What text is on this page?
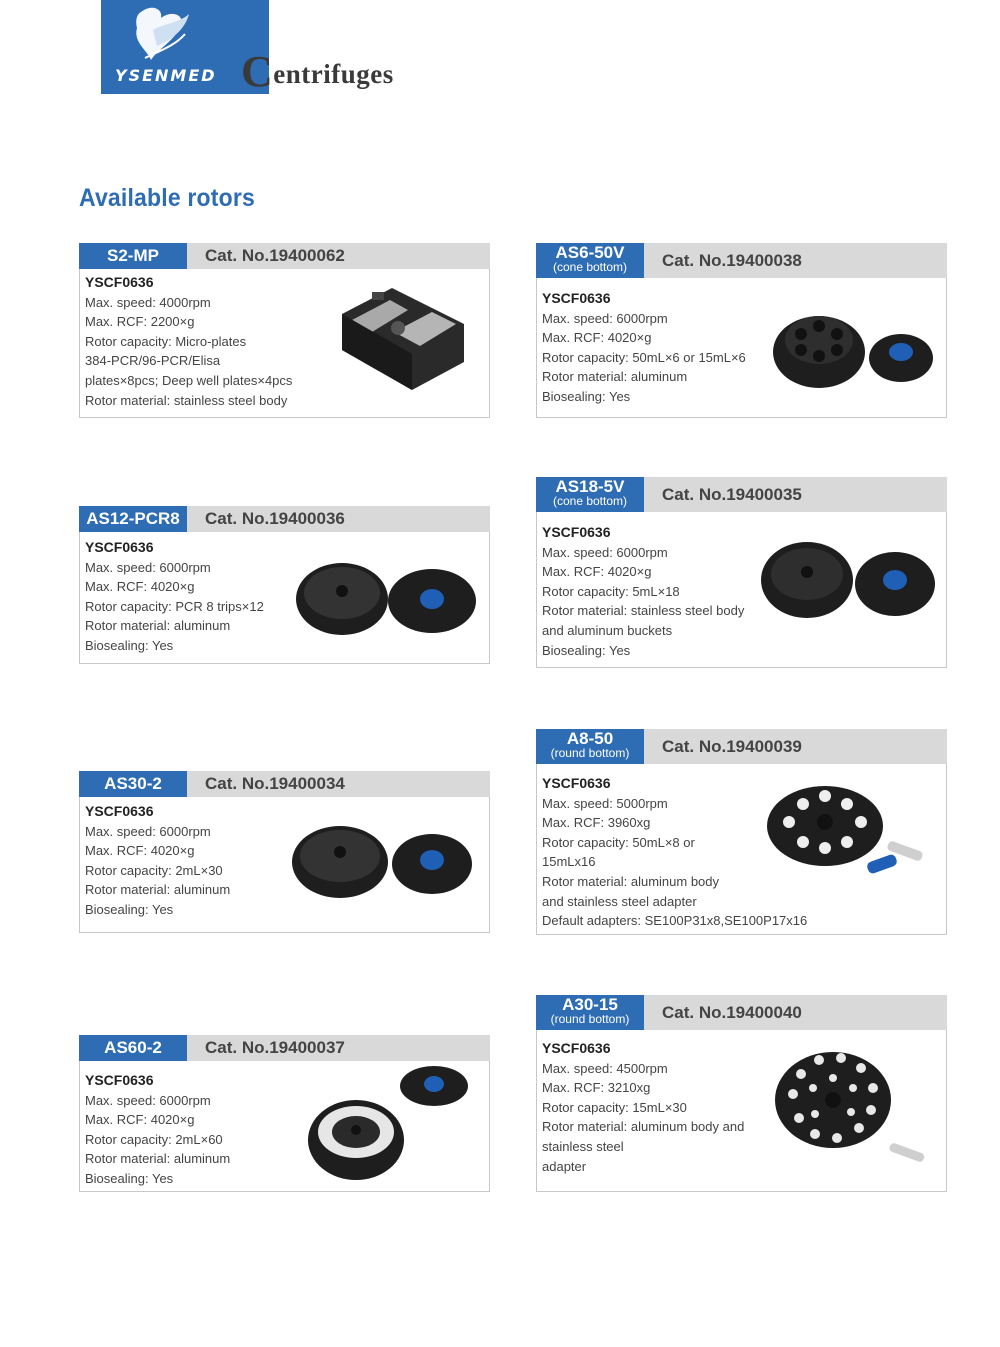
YSENMED Centrifuges
Available rotors
S2-MP	Cat. No.19400062
YSCF0636
Max. speed: 4000rpm
Max. RCF: 2200×g
Rotor capacity: Micro-plates
384-PCR/96-PCR/Elisa
plates×8pcs; Deep well plates×4pcs
Rotor material: stainless steel body
AS6-50V
(cone bottom)	Cat. No.19400038
YSCF0636
Max. speed: 6000rpm
Max. RCF: 4020×g
Rotor capacity: 50mL×6 or 15mL×6
Rotor material: aluminum
Biosealing: Yes
AS12-PCR8	Cat. No.19400036
YSCF0636
Max. speed: 6000rpm
Max. RCF: 4020×g
Rotor capacity: PCR 8 trips×12
Rotor material: aluminum
Biosealing: Yes
AS18-5V
(cone bottom)	Cat. No.19400035
YSCF0636
Max. speed: 6000rpm
Max. RCF: 4020×g
Rotor capacity: 5mL×18
Rotor material: stainless steel body
and aluminum buckets
Biosealing: Yes
AS30-2	Cat. No.19400034
YSCF0636
Max. speed: 6000rpm
Max. RCF: 4020×g
Rotor capacity: 2mL×30
Rotor material: aluminum
Biosealing: Yes
A8-50
(round bottom)	Cat. No.19400039
YSCF0636
Max. speed: 5000rpm
Max. RCF: 3960xg
Rotor capacity: 50mL×8 or
15mLx16
Rotor material: aluminum body
and stainless steel adapter
Default adapters: SE100P31x8,SE100P17x16
AS60-2	Cat. No.19400037
YSCF0636
Max. speed: 6000rpm
Max. RCF: 4020×g
Rotor capacity: 2mL×60
Rotor material: aluminum
Biosealing: Yes
A30-15
(round bottom)	Cat. No.19400040
YSCF0636
Max. speed: 4500rpm
Max. RCF: 3210xg
Rotor capacity: 15mL×30
Rotor material: aluminum body and
stainless steel
adapter
